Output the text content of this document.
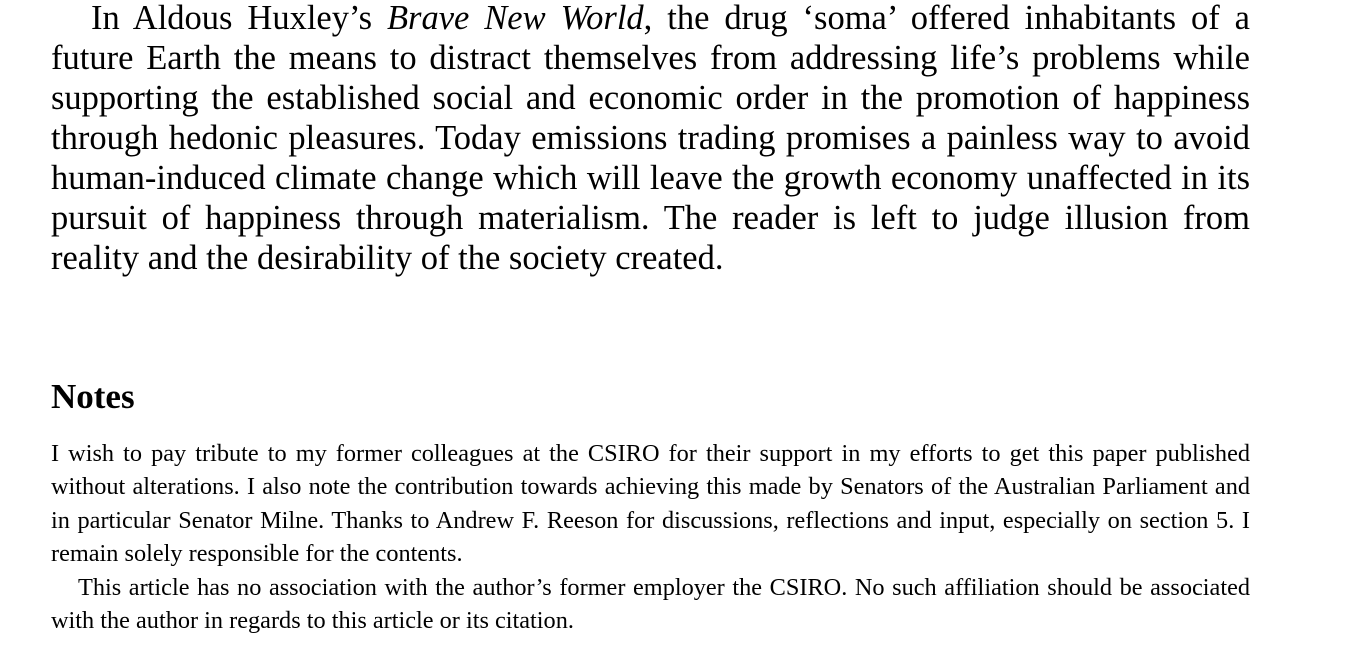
In Aldous Huxley’s Brave New World, the drug ‘soma’ offered inhabitants of a future Earth the means to distract themselves from addressing life’s problems while supporting the established social and economic order in the promotion of happiness through hedonic pleasures. Today emissions trading promises a painless way to avoid human-induced climate change which will leave the growth economy unaffected in its pursuit of happiness through materialism. The reader is left to judge illusion from reality and the desirability of the society created.

Notes

I wish to pay tribute to my former colleagues at the CSIRO for their support in my efforts to get this paper published without alterations. I also note the contribution towards achieving this made by Senators of the Australian Parliament and in particular Senator Milne. Thanks to Andrew F. Reeson for discussions, reflections and input, especially on section 5. I remain solely responsible for the contents.

This article has no association with the author’s former employer the CSIRO. No such affiliation should be associated with the author in regards to this article or its citation.
